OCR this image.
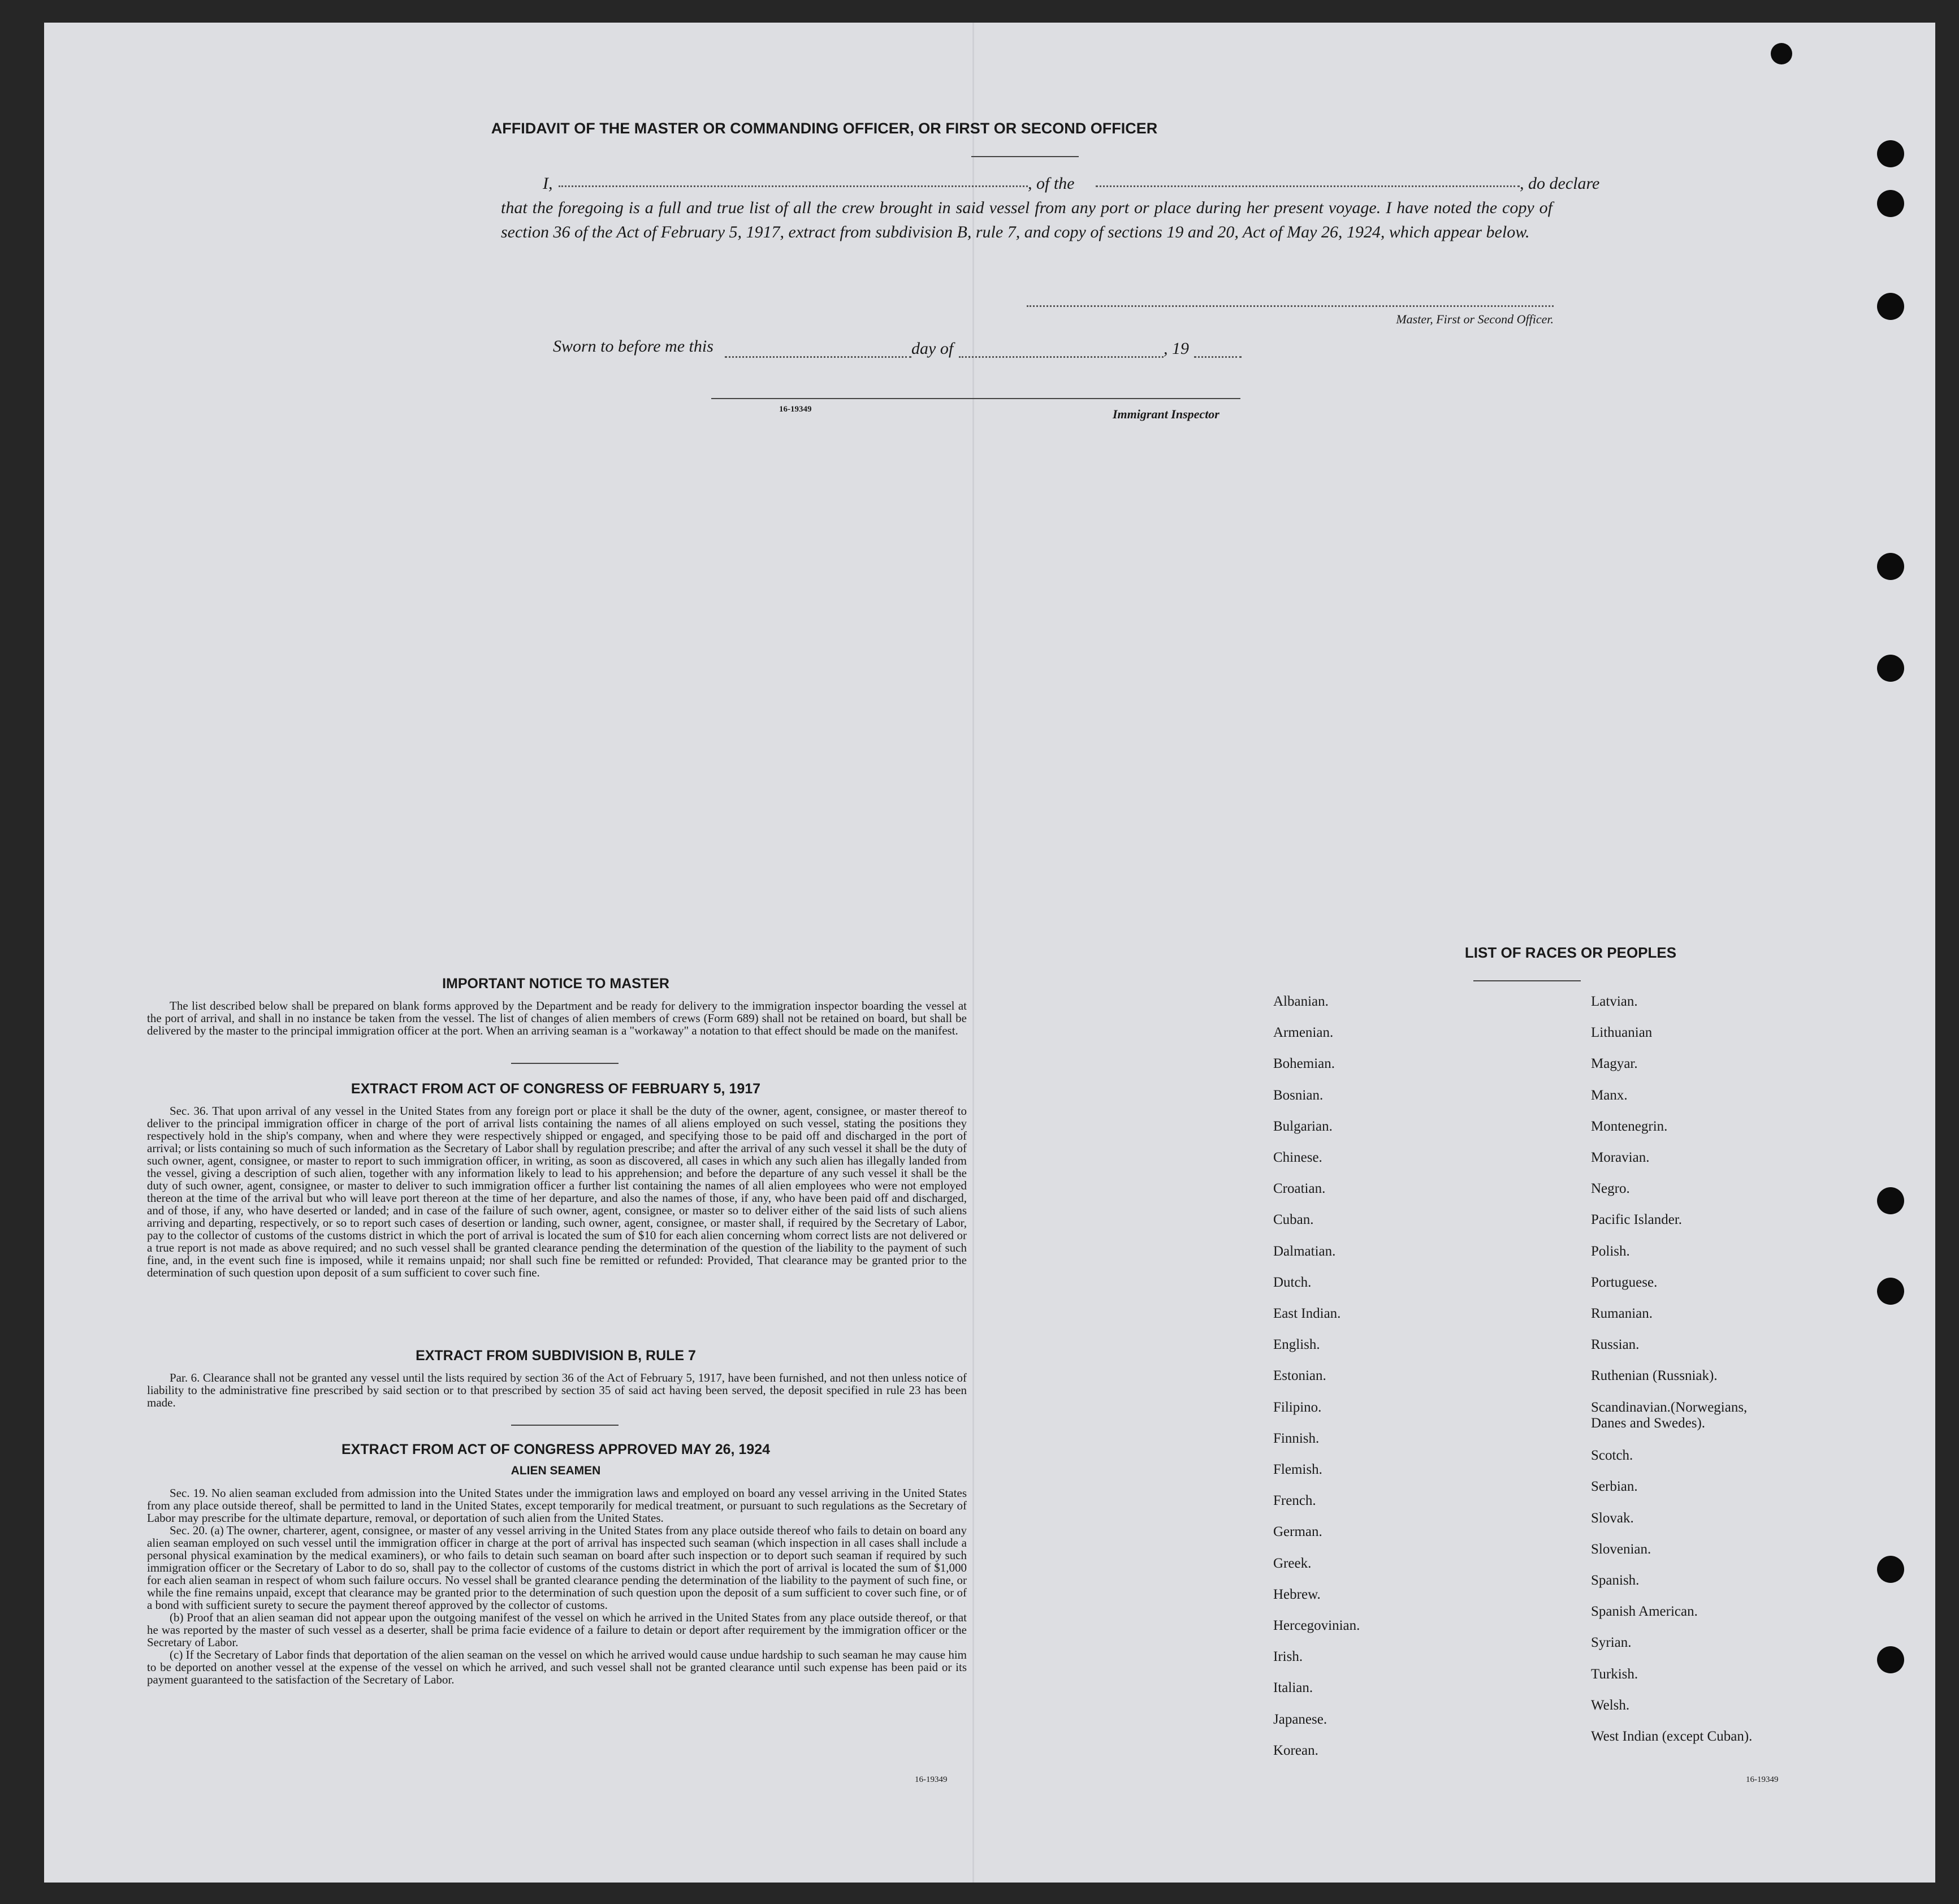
AFFIDAVIT OF THE MASTER OR COMMANDING OFFICER, OR FIRST OR SECOND OFFICER
I,	, of the	, do declare
that the foregoing is a full and true list of all the crew brought in said vessel from any port or place during her present voyage. I have noted the copy of section 36 of the Act of February 5, 1917, extract from subdivision B, rule 7, and copy of sections 19 and 20, Act of May 26, 1924, which appear below.
Master, First or Second Officer.
Sworn to before me this	day of	, 19
16-19349	Immigrant Inspector
IMPORTANT NOTICE TO MASTER

The list described below shall be prepared on blank forms approved by the Department and be ready for delivery to the immigration inspector boarding the vessel at the port of arrival, and shall in no instance be taken from the vessel. The list of changes of alien members of crews (Form 689) shall not be retained on board, but shall be delivered by the master to the principal immigration officer at the port. When an arriving seaman is a "workaway" a notation to that effect should be made on the manifest.

EXTRACT FROM ACT OF CONGRESS OF FEBRUARY 5, 1917

Sec. 36. That upon arrival of any vessel in the United States from any foreign port or place it shall be the duty of the owner, agent, consignee, or master thereof to deliver to the principal immigration officer in charge of the port of arrival lists containing the names of all aliens employed on such vessel, stating the positions they respectively hold in the ship's company, when and where they were respectively shipped or engaged, and specifying those to be paid off and discharged in the port of arrival; or lists containing so much of such information as the Secretary of Labor shall by regulation prescribe; and after the arrival of any such vessel it shall be the duty of such owner, agent, consignee, or master to report to such immigration officer, in writing, as soon as discovered, all cases in which any such alien has illegally landed from the vessel, giving a description of such alien, together with any information likely to lead to his apprehension; and before the departure of any such vessel it shall be the duty of such owner, agent, consignee, or master to deliver to such immigration officer a further list containing the names of all alien employees who were not employed thereon at the time of the arrival but who will leave port thereon at the time of her departure, and also the names of those, if any, who have been paid off and discharged, and of those, if any, who have deserted or landed; and in case of the failure of such owner, agent, consignee, or master so to deliver either of the said lists of such aliens arriving and departing, respectively, or so to report such cases of desertion or landing, such owner, agent, consignee, or master shall, if required by the Secretary of Labor, pay to the collector of customs of the customs district in which the port of arrival is located the sum of $10 for each alien concerning whom correct lists are not delivered or a true report is not made as above required; and no such vessel shall be granted clearance pending the determination of the question of the liability to the payment of such fine, and, in the event such fine is imposed, while it remains unpaid; nor shall such fine be remitted or refunded: Provided, That clearance may be granted prior to the determination of such question upon deposit of a sum sufficient to cover such fine.

EXTRACT FROM SUBDIVISION B, RULE 7

Par. 6. Clearance shall not be granted any vessel until the lists required by section 36 of the Act of February 5, 1917, have been furnished, and not then unless notice of liability to the administrative fine prescribed by said section or to that prescribed by section 35 of said act having been served, the deposit specified in rule 23 has been made.

EXTRACT FROM ACT OF CONGRESS APPROVED MAY 26, 1924
ALIEN SEAMEN

Sec. 19. No alien seaman excluded from admission into the United States under the immigration laws and employed on board any vessel arriving in the United States from any place outside thereof, shall be permitted to land in the United States, except temporarily for medical treatment, or pursuant to such regulations as the Secretary of Labor may prescribe for the ultimate departure, removal, or deportation of such alien from the United States.

Sec. 20. (a) The owner, charterer, agent, consignee, or master of any vessel arriving in the United States from any place outside thereof who fails to detain on board any alien seaman employed on such vessel until the immigration officer in charge at the port of arrival has inspected such seaman (which inspection in all cases shall include a personal physical examination by the medical examiners), or who fails to detain such seaman on board after such inspection or to deport such seaman if required by such immigration officer or the Secretary of Labor to do so, shall pay to the collector of customs of the customs district in which the port of arrival is located the sum of $1,000 for each alien seaman in respect of whom such failure occurs. No vessel shall be granted clearance pending the determination of the liability to the payment of such fine, or while the fine remains unpaid, except that clearance may be granted prior to the determination of such question upon the deposit of a sum sufficient to cover such fine, or of a bond with sufficient surety to secure the payment thereof approved by the collector of customs.

(b) Proof that an alien seaman did not appear upon the outgoing manifest of the vessel on which he arrived in the United States from any place outside thereof, or that he was reported by the master of such vessel as a deserter, shall be prima facie evidence of a failure to detain or deport after requirement by the immigration officer or the Secretary of Labor.

(c) If the Secretary of Labor finds that deportation of the alien seaman on the vessel on which he arrived would cause undue hardship to such seaman he may cause him to be deported on another vessel at the expense of the vessel on which he arrived, and such vessel shall not be granted clearance until such expense has been paid or its payment guaranteed to the satisfaction of the Secretary of Labor.

16-19349
LIST OF RACES OR PEOPLES
16-19349
Albanian.
Armenian.
Bohemian.
Bosnian.
Bulgarian.
Chinese.
Croatian.
Cuban.
Dalmatian.
Dutch.
East Indian.
English.
Estonian.
Filipino.
Finnish.
Flemish.
French.
German.
Greek.
Hebrew.
Hercegovinian.
Irish.
Italian.
Japanese.
Korean.
Latvian.
Lithuanian
Magyar.
Manx.
Montenegrin.
Moravian.
Negro.
Pacific Islander.
Polish.
Portuguese.
Rumanian.
Russian.
Ruthenian (Russniak).
Scandinavian.(Norwegians, Danes and Swedes).
Scotch.
Serbian.
Slovak.
Slovenian.
Spanish.
Spanish American.
Syrian.
Turkish.
Welsh.
West Indian (except Cuban).
